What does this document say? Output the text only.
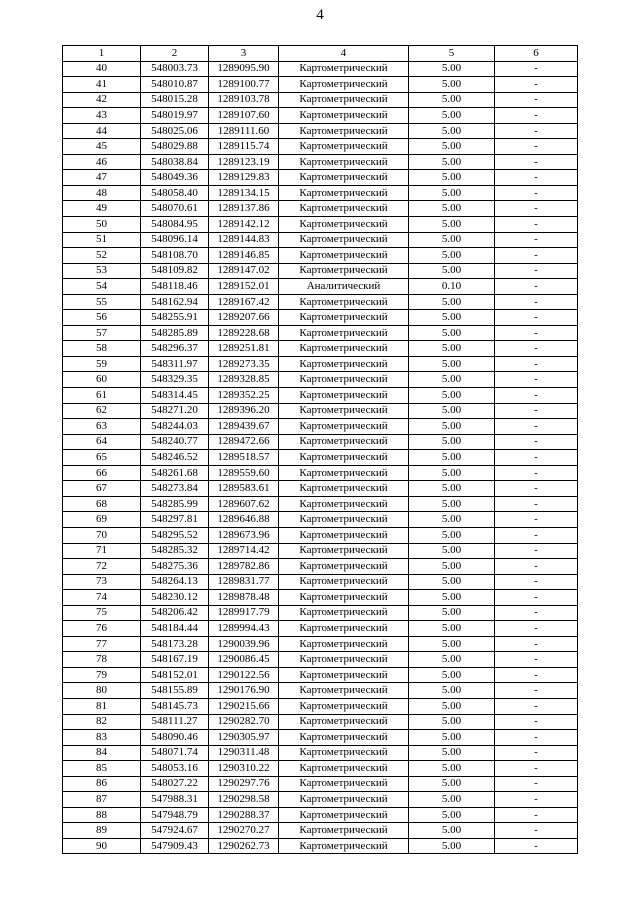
4
1	2	3	4	5	6
40	548003.73	1289095.90	Картометрический	5.00	-
41	548010.87	1289100.77	Картометрический	5.00	-
42	548015.28	1289103.78	Картометрический	5.00	-
43	548019.97	1289107.60	Картометрический	5.00	-
44	548025.06	1289111.60	Картометрический	5.00	-
45	548029.88	1289115.74	Картометрический	5.00	-
46	548038.84	1289123.19	Картометрический	5.00	-
47	548049.36	1289129.83	Картометрический	5.00	-
48	548058.40	1289134.15	Картометрический	5.00	-
49	548070.61	1289137.86	Картометрический	5.00	-
50	548084.95	1289142.12	Картометрический	5.00	-
51	548096.14	1289144.83	Картометрический	5.00	-
52	548108.70	1289146.85	Картометрический	5.00	-
53	548109.82	1289147.02	Картометрический	5.00	-
54	548118.46	1289152.01	Аналитический	0.10	-
55	548162.94	1289167.42	Картометрический	5.00	-
56	548255.91	1289207.66	Картометрический	5.00	-
57	548285.89	1289228.68	Картометрический	5.00	-
58	548296.37	1289251.81	Картометрический	5.00	-
59	548311.97	1289273.35	Картометрический	5.00	-
60	548329.35	1289328.85	Картометрический	5.00	-
61	548314.45	1289352.25	Картометрический	5.00	-
62	548271.20	1289396.20	Картометрический	5.00	-
63	548244.03	1289439.67	Картометрический	5.00	-
64	548240.77	1289472.66	Картометрический	5.00	-
65	548246.52	1289518.57	Картометрический	5.00	-
66	548261.68	1289559.60	Картометрический	5.00	-
67	548273.84	1289583.61	Картометрический	5.00	-
68	548285.99	1289607.62	Картометрический	5.00	-
69	548297.81	1289646.88	Картометрический	5.00	-
70	548295.52	1289673.96	Картометрический	5.00	-
71	548285.32	1289714.42	Картометрический	5.00	-
72	548275.36	1289782.86	Картометрический	5.00	-
73	548264.13	1289831.77	Картометрический	5.00	-
74	548230.12	1289878.48	Картометрический	5.00	-
75	548206.42	1289917.79	Картометрический	5.00	-
76	548184.44	1289994.43	Картометрический	5.00	-
77	548173.28	1290039.96	Картометрический	5.00	-
78	548167.19	1290086.45	Картометрический	5.00	-
79	548152.01	1290122.56	Картометрический	5.00	-
80	548155.89	1290176.90	Картометрический	5.00	-
81	548145.73	1290215.66	Картометрический	5.00	-
82	548111.27	1290282.70	Картометрический	5.00	-
83	548090.46	1290305.97	Картометрический	5.00	-
84	548071.74	1290311.48	Картометрический	5.00	-
85	548053.16	1290310.22	Картометрический	5.00	-
86	548027.22	1290297.76	Картометрический	5.00	-
87	547988.31	1290298.58	Картометрический	5.00	-
88	547948.79	1290288.37	Картометрический	5.00	-
89	547924.67	1290270.27	Картометрический	5.00	-
90	547909.43	1290262.73	Картометрический	5.00	-
